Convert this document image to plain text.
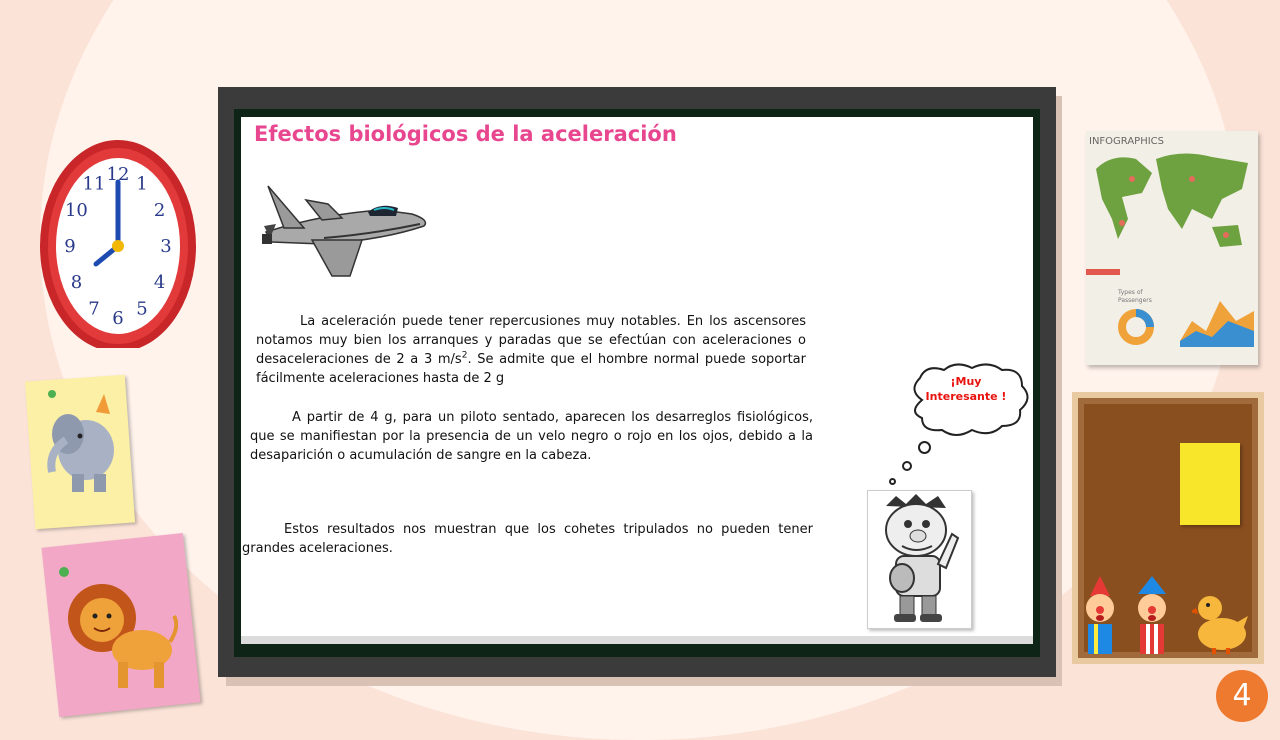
12 1
2
3
4
5
6
7
8
9
10
11
Efectos biológicos de la aceleración
La aceleración puede tener repercusiones muy notables. En los ascensores notamos muy bien los arranques y paradas que se efectúan con aceleraciones o desaceleraciones de 2 a 3 $m/s^2$. Se admite que el hombre normal puede soportar fácilmente aceleraciones hasta de 2 g
A partir de 4 g, para un piloto sentado, aparecen los desarreglos fisiológicos, que se manifiestan por la presencia de un velo negro o rojo en los ojos, debido a la desaparición o acumulación de sangre en la cabeza.
Estos resultados nos muestran que los cohetes tripulados no pueden tener grandes aceleraciones.
¡Muy
Interesante !
INFOGRAPHICS
Types of Passengers
4
